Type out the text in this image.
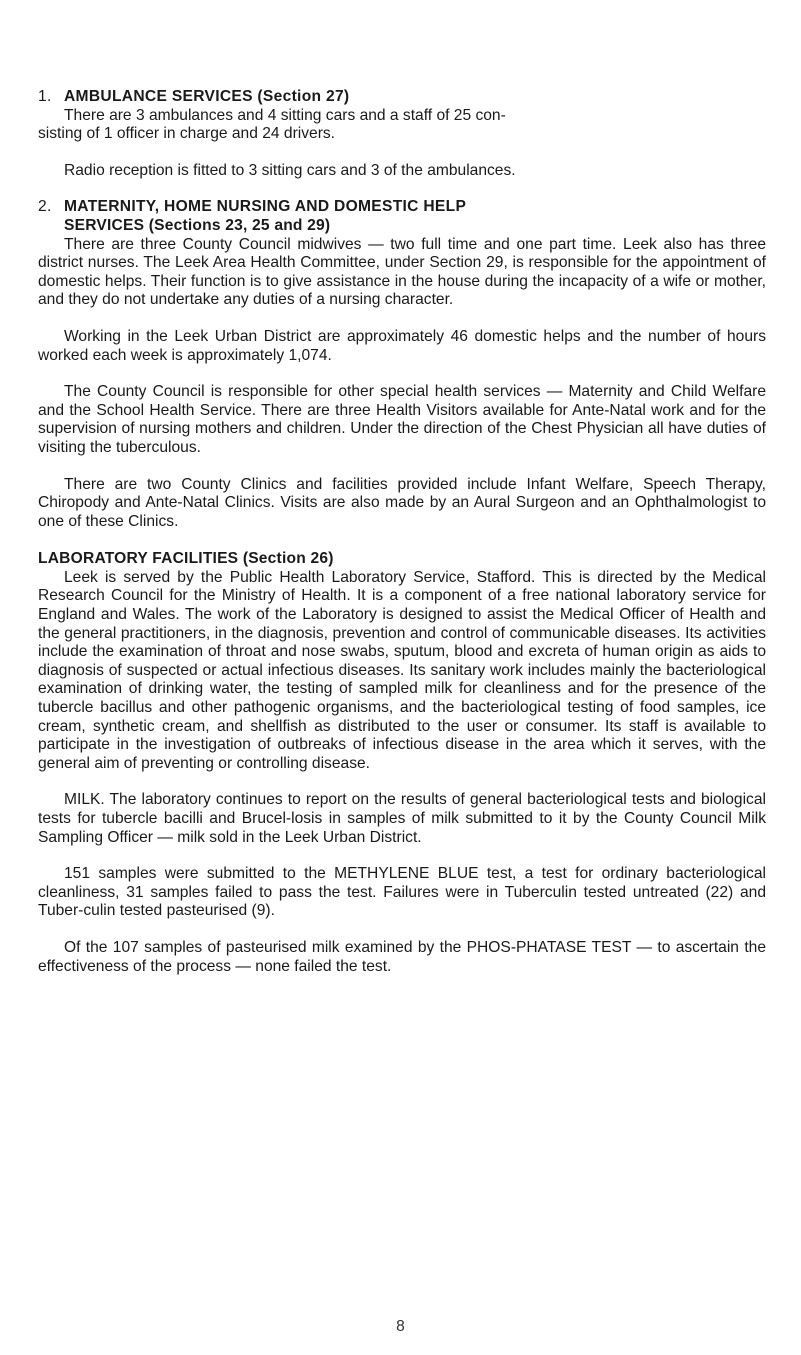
1. AMBULANCE SERVICES (Section 27)

There are 3 ambulances and 4 sitting cars and a staff of 25 con-

sisting of 1 officer in charge and 24 drivers.

Radio reception is fitted to 3 sitting cars and 3 of the ambulances.

2. MATERNITY, HOME NURSING AND DOMESTIC HELP

SERVICES (Sections 23, 25 and 29)

There are three County Council midwives — two full time and one part time. Leek also has three district nurses. The Leek Area Health Committee, under Section 29, is responsible for the appointment of domestic helps. Their function is to give assistance in the house during the incapacity of a wife or mother, and they do not undertake any duties of a nursing character.

Working in the Leek Urban District are approximately 46 domestic helps and the number of hours worked each week is approximately 1,074.

The County Council is responsible for other special health services — Maternity and Child Welfare and the School Health Service. There are three Health Visitors available for Ante-Natal work and for the supervision of nursing mothers and children. Under the direction of the Chest Physician all have duties of visiting the tuberculous.

There are two County Clinics and facilities provided include Infant Welfare, Speech Therapy, Chiropody and Ante-Natal Clinics. Visits are also made by an Aural Surgeon and an Ophthalmologist to one of these Clinics.

LABORATORY FACILITIES (Section 26)

Leek is served by the Public Health Laboratory Service, Stafford. This is directed by the Medical Research Council for the Ministry of Health. It is a component of a free national laboratory service for England and Wales. The work of the Laboratory is designed to assist the Medical Officer of Health and the general practitioners, in the diagnosis, prevention and control of communicable diseases. Its activities include the examination of throat and nose swabs, sputum, blood and excreta of human origin as aids to diagnosis of suspected or actual infectious diseases. Its sanitary work includes mainly the bacteriological examination of drinking water, the testing of sampled milk for cleanliness and for the presence of the tubercle bacillus and other pathogenic organisms, and the bacteriological testing of food samples, ice cream, synthetic cream, and shellfish as distributed to the user or consumer. Its staff is available to participate in the investigation of outbreaks of infectious disease in the area which it serves, with the general aim of preventing or controlling disease.

MILK. The laboratory continues to report on the results of general bacteriological tests and biological tests for tubercle bacilli and Brucel-losis in samples of milk submitted to it by the County Council Milk Sampling Officer — milk sold in the Leek Urban District.

151 samples were submitted to the METHYLENE BLUE test, a test for ordinary bacteriological cleanliness, 31 samples failed to pass the test. Failures were in Tuberculin tested untreated (22) and Tuber-culin tested pasteurised (9).

Of the 107 samples of pasteurised milk examined by the PHOS-PHATASE TEST — to ascertain the effectiveness of the process — none failed the test.

8
